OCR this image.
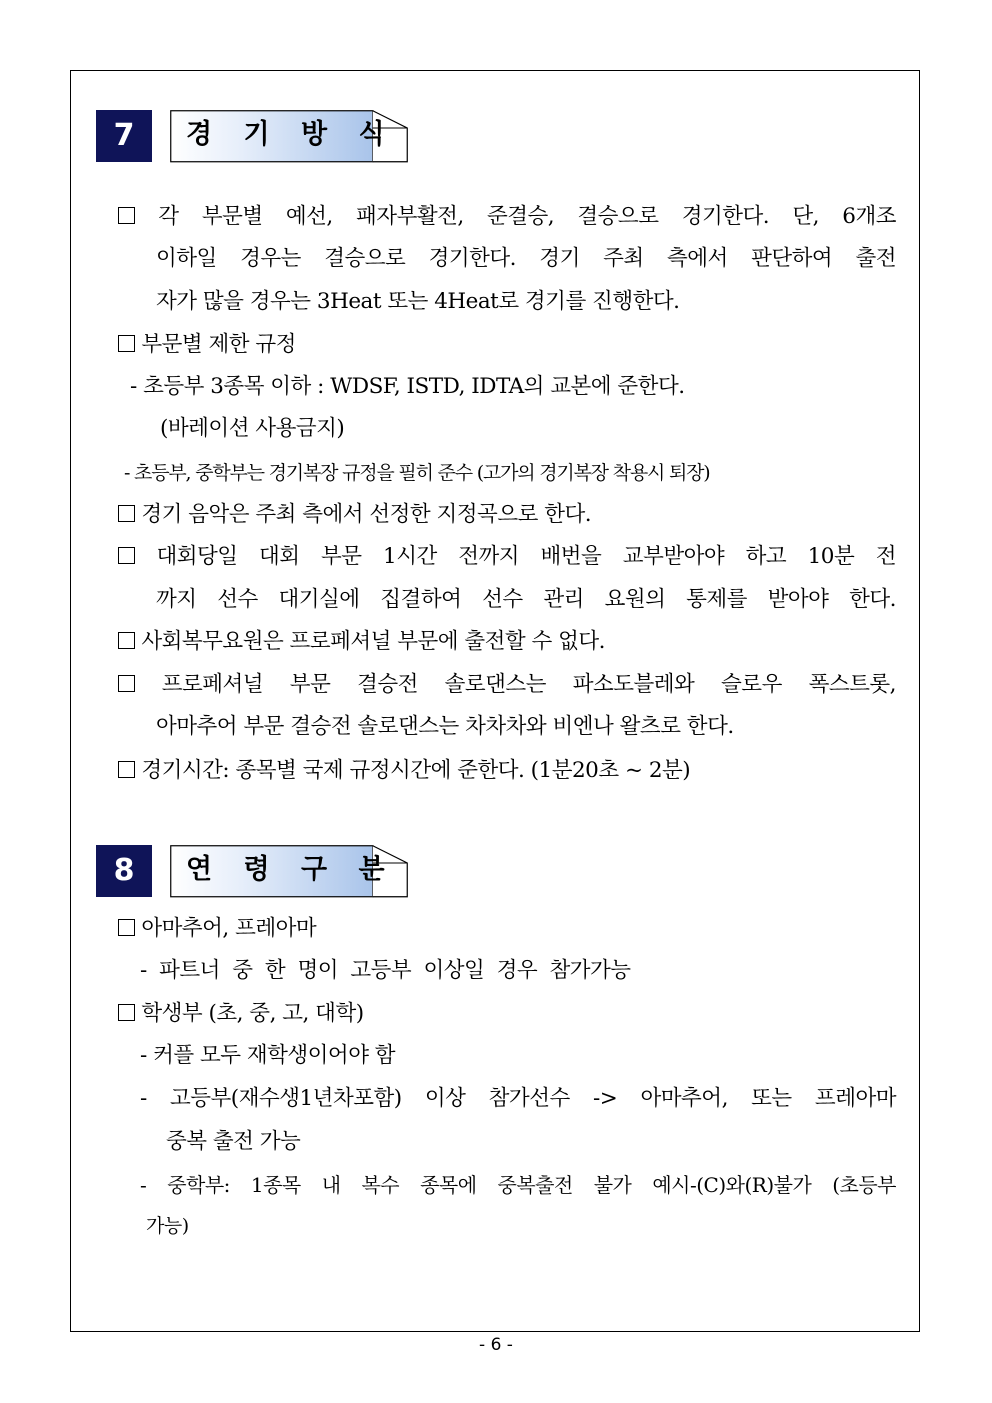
7	경 기 방 식
각 부문별 예선, 패자부활전, 준결승, 결승으로 경기한다. 단, 6개조
이하일 경우는 결승으로 경기한다. 경기 주최 측에서 판단하여 출전
자가 많을 경우는 3Heat 또는 4Heat로 경기를 진행한다.
부문별 제한 규정
- 초등부 3종목 이하 : WDSF, ISTD, IDTA의 교본에 준한다.
(바레이션 사용금지)
- 초등부, 중학부는 경기복장 규정을 필히 준수 (고가의 경기복장 착용시 퇴장)
경기 음악은 주최 측에서 선정한 지정곡으로 한다.
대회당일 대회 부문 1시간 전까지 배번을 교부받아야 하고 10분 전
까지 선수 대기실에 집결하여 선수 관리 요원의 통제를 받아야 한다.
사회복무요원은 프로페셔널 부문에 출전할 수 없다.
프로페셔널 부문 결승전 솔로댄스는 파소도블레와 슬로우 폭스트롯,
아마추어 부문 결승전 솔로댄스는 차차차와 비엔나 왈츠로 한다.
경기시간: 종목별 국제 규정시간에 준한다. (1분20초 ~ 2분)
8	연 령 구 분
아마추어, 프레아마
- 파트너 중 한 명이 고등부 이상일 경우 참가가능
학생부 (초, 중, 고, 대학)
- 커플 모두 재학생이어야 함
- 고등부(재수생1년차포함) 이상 참가선수 -> 아마추어, 또는 프레아마
중복 출전 가능
- 중학부: 1종목 내 복수 종목에 중복출전 불가 예시-(C)와(R)불가 (초등부
가능)
- 6 -
